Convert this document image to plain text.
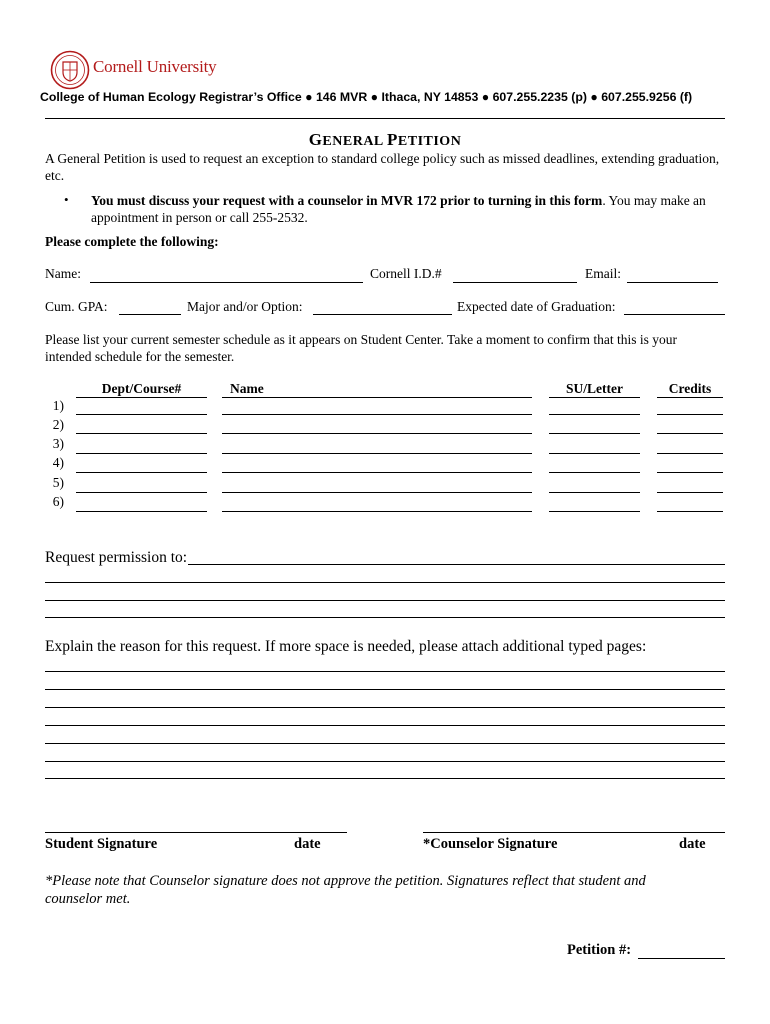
Cornell University
College of Human Ecology Registrar’s Office ● 146 MVR ● Ithaca, NY 14853 ● 607.255.2235 (p) ● 607.255.9256 (f)
GENERAL PETITION
A General Petition is used to request an exception to standard college policy such as missed deadlines, extending graduation, etc.
• You must discuss your request with a counselor in MVR 172 prior to turning in this form. You may make an appointment in person or call 255-2532.
Please complete the following:
Name:	Cornell I.D.#	Email:
Cum. GPA:	Major and/or Option:	Expected date of Graduation:
Please list your current semester schedule as it appears on Student Center. Take a moment to confirm that this is your intended schedule for the semester.
Dept/Course#	Name	SU/Letter	Credits
1)
2)
3)
4)
5)
6)
Request permission to:
Explain the reason for this request. If more space is needed, please attach additional typed pages:
Student Signature	date	*Counselor Signature	date
*Please note that Counselor signature does not approve the petition. Signatures reflect that student and counselor met.
Petition #:
